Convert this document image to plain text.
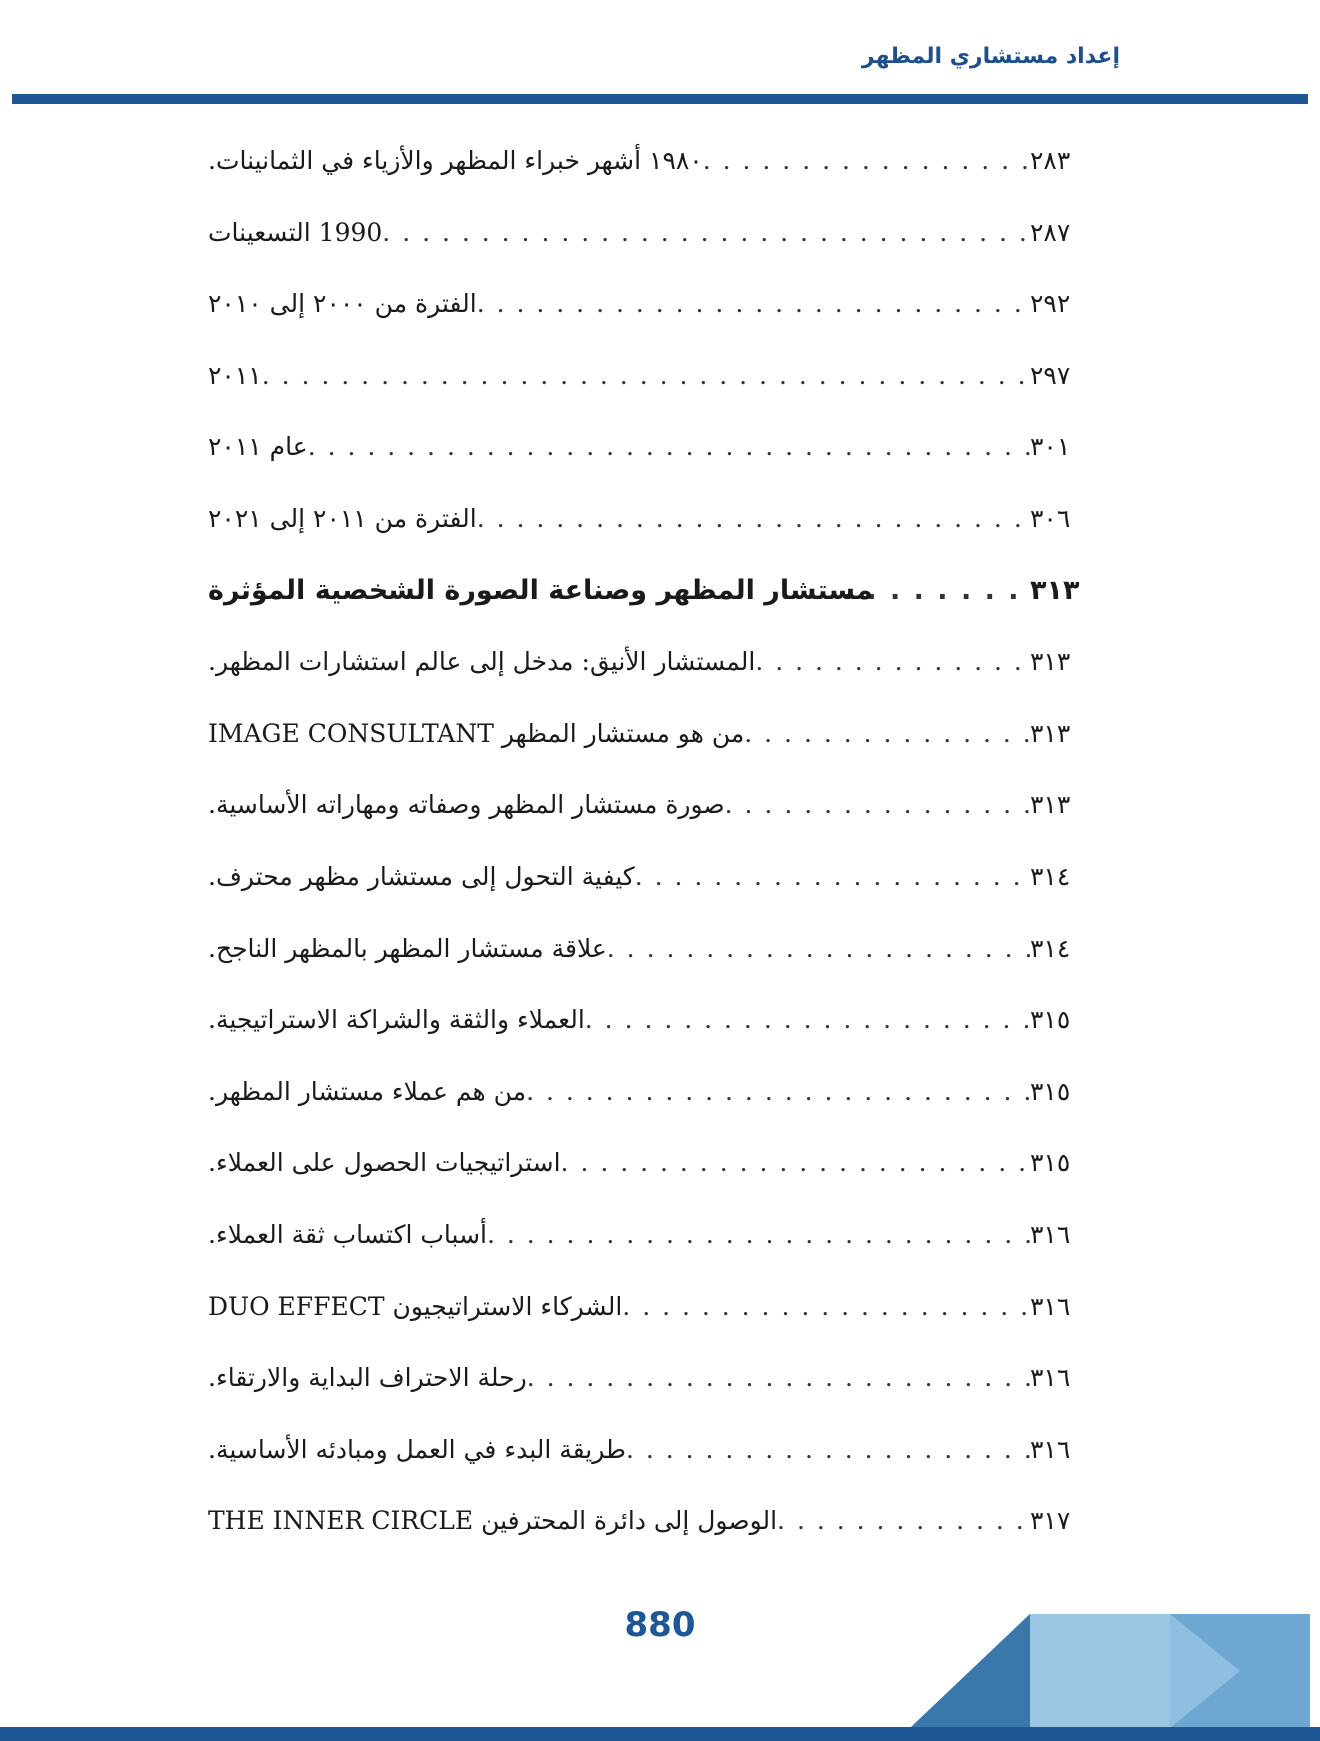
إعداد مستشاري المظهر
١٩٨٠ أشهر خبراء المظهر والأزياء في الثمانينات. . . .	٢٨٣
1990 التسعينات . . .	٢٨٧
الفترة من ٢٠٠٠ إلى ٢٠١٠ . . .	٢٩٢
٢٠١١ . . .	٢٩٧
عام ٢٠١١ . . .	٣٠١
الفترة من ٢٠١١ إلى ٢٠٢١ . . .	٣٠٦
مستشار المظهر وصناعة الصورة الشخصية المؤثرة . . .	٣١٣
المستشار الأنيق: مدخل إلى عالم استشارات المظهر. . . .	٣١٣
من هو مستشار المظهر IMAGE CONSULTANT . . .	٣١٣
صورة مستشار المظهر وصفاته ومهاراته الأساسية. . . .	٣١٣
كيفية التحول إلى مستشار مظهر محترف. . . .	٣١٤
علاقة مستشار المظهر بالمظهر الناجح. . . .	٣١٤
العملاء والثقة والشراكة الاستراتيجية. . . .	٣١٥
من هم عملاء مستشار المظهر. . . .	٣١٥
استراتيجيات الحصول على العملاء. . . .	٣١٥
أسباب اكتساب ثقة العملاء. . . .	٣١٦
الشركاء الاستراتيجيون DUO EFFECT . . .	٣١٦
رحلة الاحتراف البداية والارتقاء. . . .	٣١٦
طريقة البدء في العمل ومبادئه الأساسية. . . .	٣١٦
الوصول إلى دائرة المحترفين THE INNER CIRCLE . . .	٣١٧
880
